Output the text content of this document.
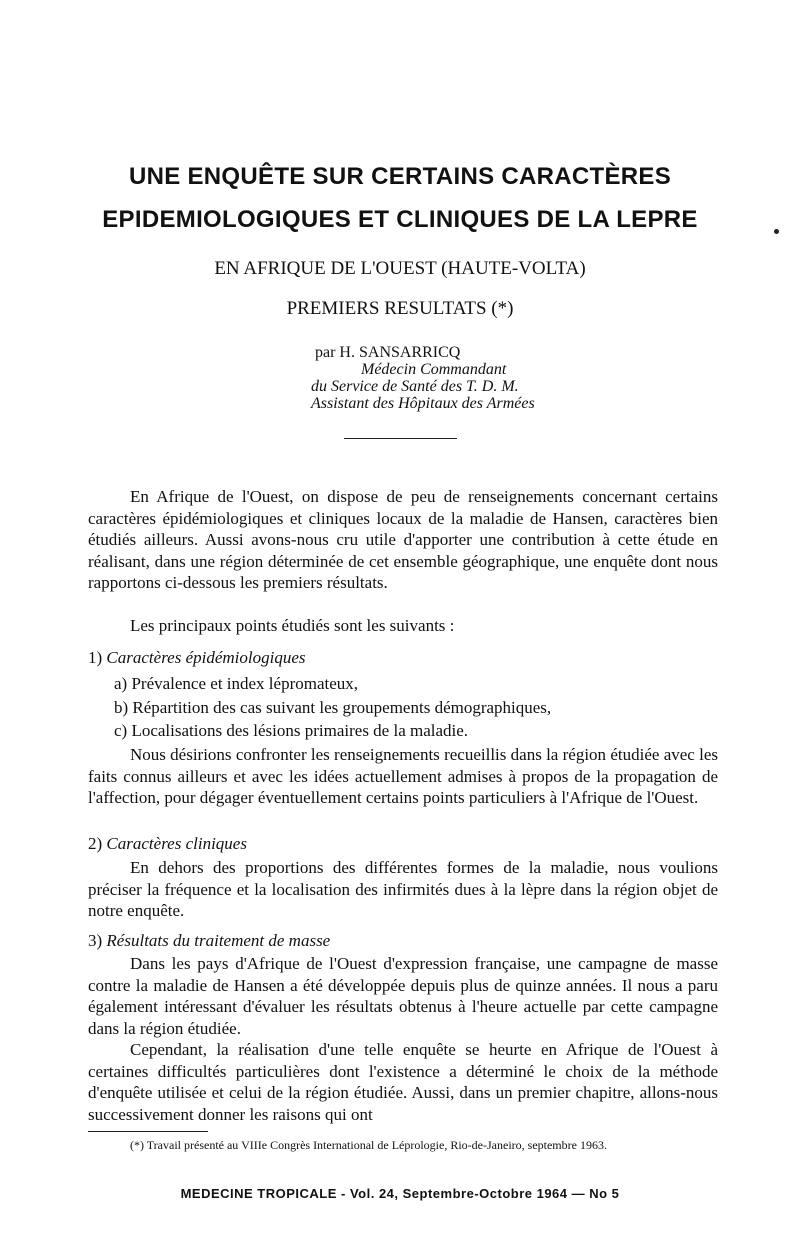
UNE ENQUÊTE SUR CERTAINS CARACTÈRES
EPIDEMIOLOGIQUES ET CLINIQUES DE LA LEPRE
EN AFRIQUE DE L'OUEST (HAUTE-VOLTA)
PREMIERS RESULTATS (*)
par H. SANSARRICQ
Médecin Commandant
du Service de Santé des T. D. M.
Assistant des Hôpitaux des Armées

En Afrique de l'Ouest, on dispose de peu de renseignements concernant certains caractères épidémiologiques et cliniques locaux de la maladie de Hansen, caractères bien étudiés ailleurs. Aussi avons-nous cru utile d'apporter une contribution à cette étude en réalisant, dans une région déterminée de cet ensemble géographique, une enquête dont nous rapportons ci-dessous les premiers résultats.

Les principaux points étudiés sont les suivants :

1) Caractères épidémiologiques
a) Prévalence et index lépromateux,
b) Répartition des cas suivant les groupements démographiques,
c) Localisations des lésions primaires de la maladie.

Nous désirions confronter les renseignements recueillis dans la région étudiée avec les faits connus ailleurs et avec les idées actuellement admises à propos de la propagation de l'affection, pour dégager éventuellement certains points particuliers à l'Afrique de l'Ouest.

2) Caractères cliniques

En dehors des proportions des différentes formes de la maladie, nous voulions préciser la fréquence et la localisation des infirmités dues à la lèpre dans la région objet de notre enquête.

3) Résultats du traitement de masse

Dans les pays d'Afrique de l'Ouest d'expression française, une campagne de masse contre la maladie de Hansen a été développée depuis plus de quinze années. Il nous a paru également intéressant d'évaluer les résultats obtenus à l'heure actuelle par cette campagne dans la région étudiée.

Cependant, la réalisation d'une telle enquête se heurte en Afrique de l'Ouest à certaines difficultés particulières dont l'existence a déterminé le choix de la méthode d'enquête utilisée et celui de la région étudiée. Aussi, dans un premier chapitre, allons-nous successivement donner les raisons qui ont

(*) Travail présenté au VIIIe Congrès International de Léprologie, Rio-de-Janeiro, septembre 1963.
MEDECINE TROPICALE - Vol. 24, Septembre-Octobre 1964 — No 5
